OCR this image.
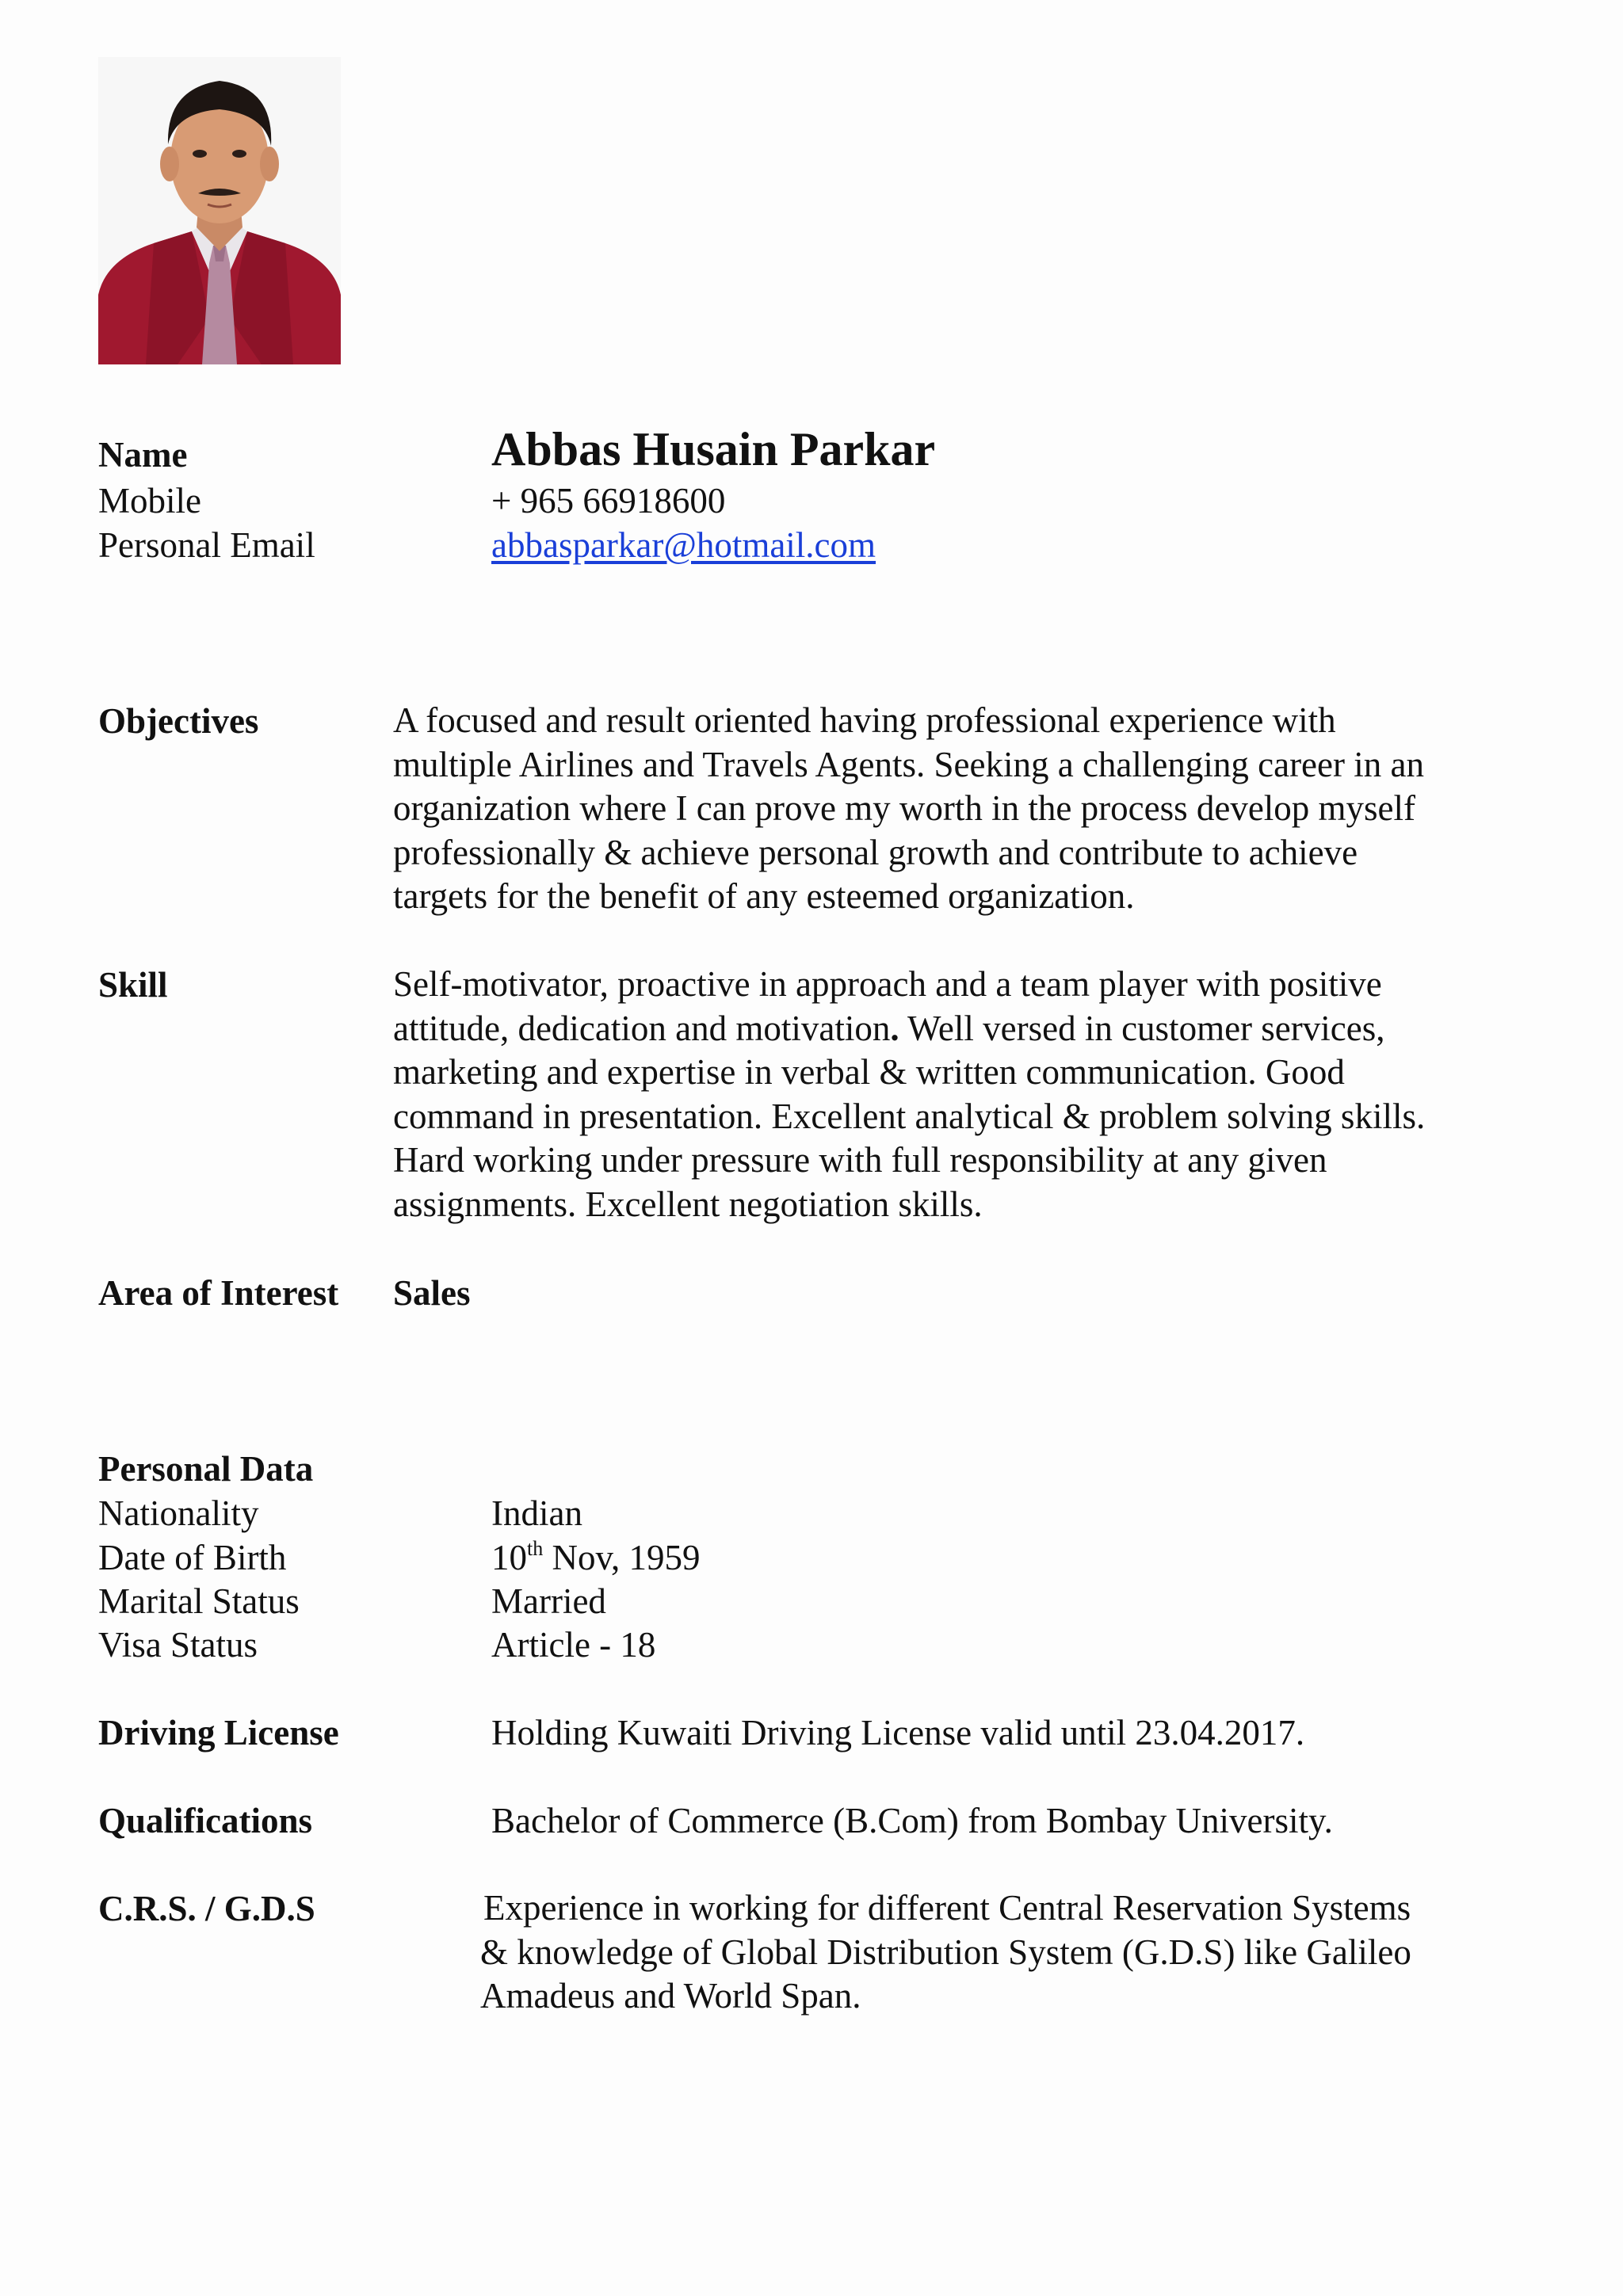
Name	Abbas Husain Parkar
Mobile	+ 965 66918600
Personal Email	abbasparkar@hotmail.com
Objectives	A focused and result oriented having professional experience with
multiple Airlines and Travels Agents. Seeking a challenging career in an
organization where I can prove my worth in the process develop myself
professionally & achieve personal growth and contribute to achieve
targets for the benefit of any esteemed organization.
Skill	Self-motivator, proactive in approach and a team player with positive
attitude, dedication and motivation. Well versed in customer services,
marketing and expertise in verbal & written communication. Good
command in presentation. Excellent analytical & problem solving skills.
Hard working under pressure with full responsibility at any given
assignments. Excellent negotiation skills.
Area of Interest Sales
Personal Data
Nationality	Indian
Date of Birth	10th Nov, 1959
Marital Status	Married
Visa Status	Article - 18
Driving License	Holding Kuwaiti Driving License valid until 23.04.2017.
Qualifications	Bachelor of Commerce (B.Com) from Bombay University.
C.R.S. / G.D.S	Experience in working for different Central Reservation Systems
& knowledge of Global Distribution System (G.D.S) like Galileo
Amadeus and World Span.
